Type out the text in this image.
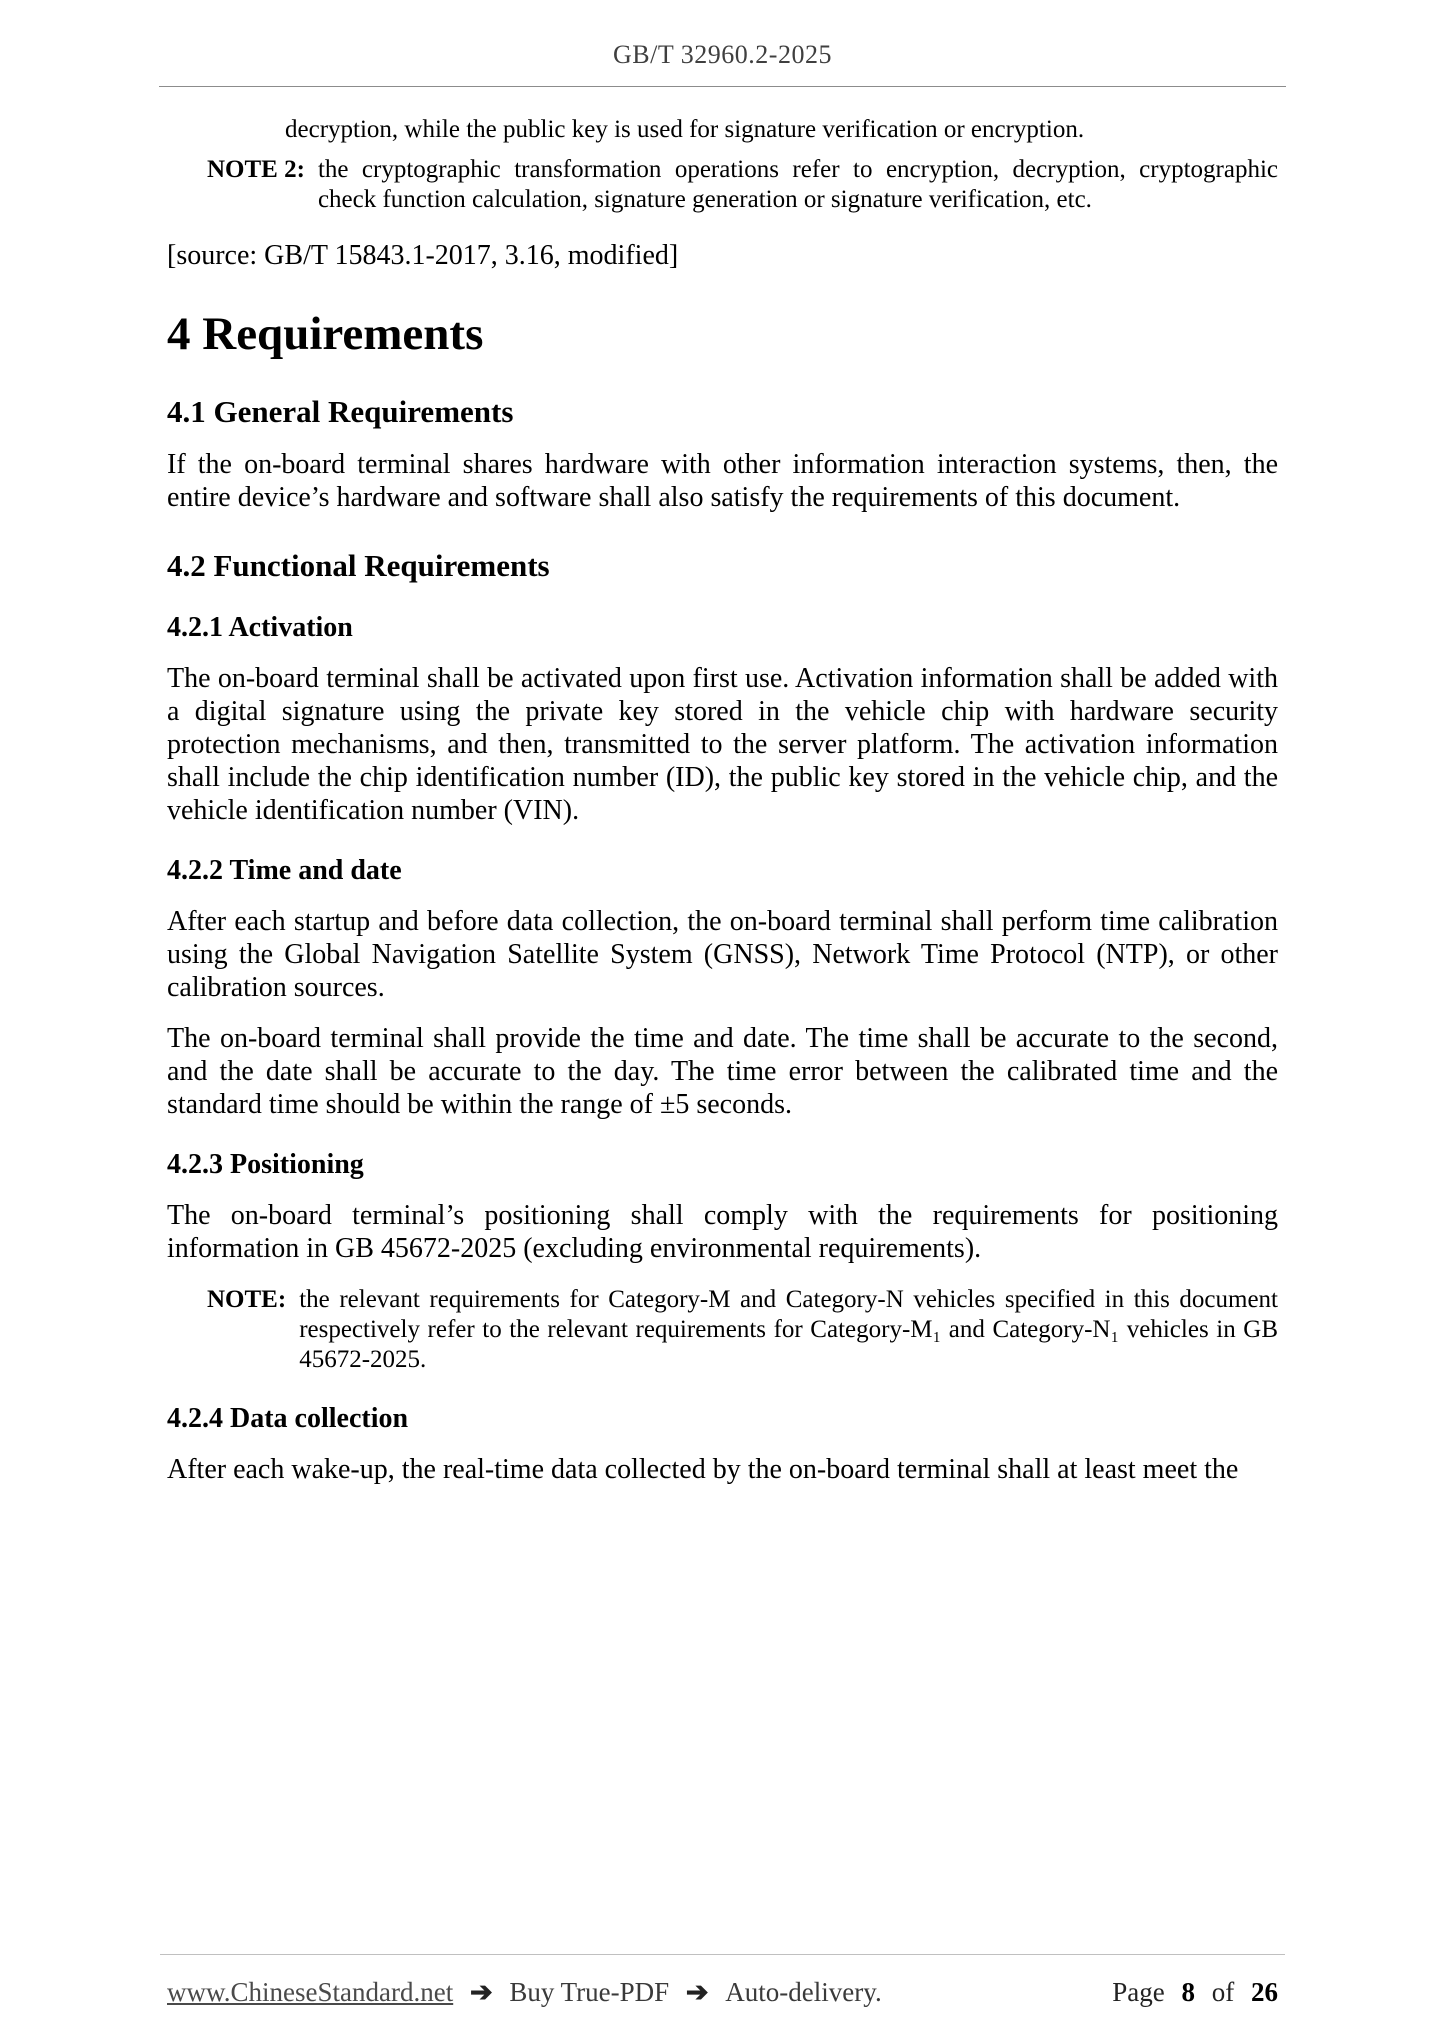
GB/T 32960.2-2025
decryption, while the public key is used for signature verification or encryption.
NOTE 2: the cryptographic transformation operations refer to encryption, decryption, cryptographic check function calculation, signature generation or signature verification, etc.
[source: GB/T 15843.1-2017, 3.16, modified]
4 Requirements
4.1 General Requirements

If the on-board terminal shares hardware with other information interaction systems, then, the entire device’s hardware and software shall also satisfy the requirements of this document.

4.2 Functional Requirements
4.2.1 Activation

The on-board terminal shall be activated upon first use. Activation information shall be added with a digital signature using the private key stored in the vehicle chip with hardware security protection mechanisms, and then, transmitted to the server platform. The activation information shall include the chip identification number (ID), the public key stored in the vehicle chip, and the vehicle identification number (VIN).

4.2.2 Time and date

After each startup and before data collection, the on-board terminal shall perform time calibration using the Global Navigation Satellite System (GNSS), Network Time Protocol (NTP), or other calibration sources.

The on-board terminal shall provide the time and date. The time shall be accurate to the second, and the date shall be accurate to the day. The time error between the calibrated time and the standard time should be within the range of ±5 seconds.

4.2.3 Positioning

The on-board terminal’s positioning shall comply with the requirements for positioning information in GB 45672-2025 (excluding environmental requirements).

NOTE: the relevant requirements for Category-M and Category-N vehicles specified in this document respectively refer to the relevant requirements for Category-M₁ and Category-N₁ vehicles in GB 45672-2025.
4.2.4 Data collection

After each wake-up, the real-time data collected by the on-board terminal shall at least meet the

www.ChineseStandard.net ➔ Buy True-PDF ➔ Auto-delivery.	Page 8 of 26
